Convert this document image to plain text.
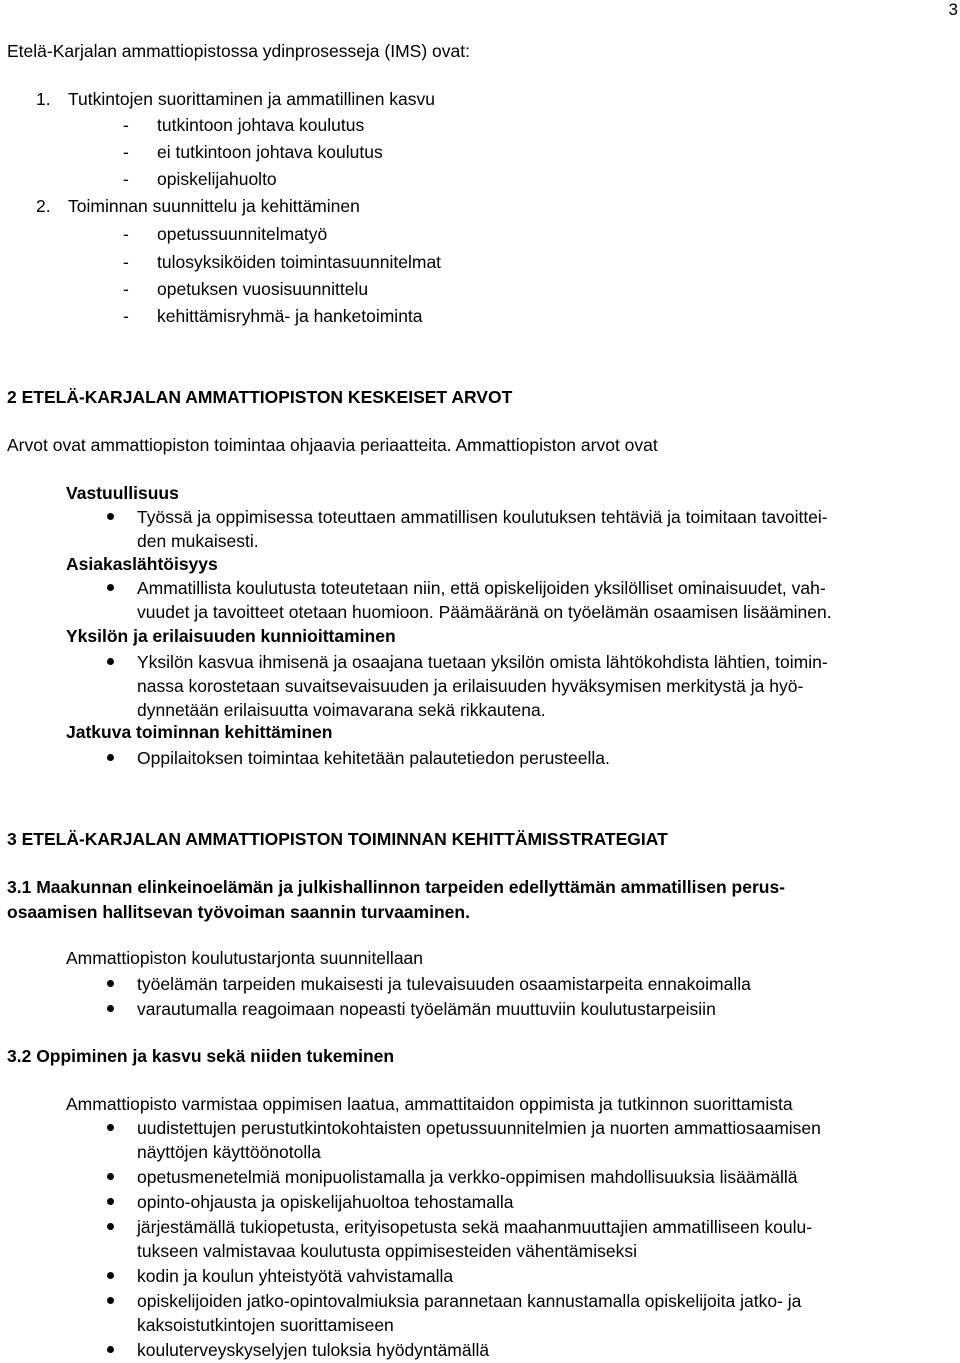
3
Etelä-Karjalan ammattiopistossa ydinprosesseja (IMS) ovat:
1. Tutkintojen suorittaminen ja ammatillinen kasvu
- tutkintoon johtava koulutus
- ei tutkintoon johtava koulutus
- opiskelijahuolto
2. Toiminnan suunnittelu ja kehittäminen
- opetussuunnitelmatyö
- tulosyksiköiden toimintasuunnitelmat
- opetuksen vuosisuunnittelu
- kehittämisryhmä- ja hanketoiminta
2 ETELÄ-KARJALAN AMMATTIOPISTON KESKEISET ARVOT
Arvot ovat ammattiopiston toimintaa ohjaavia periaatteita. Ammattiopiston arvot ovat
Vastuullisuus
Työssä ja oppimisessa toteuttaen ammatillisen koulutuksen tehtäviä ja toimitaan tavoittei-
den mukaisesti.
Asiakaslähtöisyys
Ammatillista koulutusta toteutetaan niin, että opiskelijoiden yksilölliset ominaisuudet, vah-
vuudet ja tavoitteet otetaan huomioon. Päämääränä on työelämän osaamisen lisääminen.
Yksilön ja erilaisuuden kunnioittaminen
Yksilön kasvua ihmisenä ja osaajana tuetaan yksilön omista lähtökohdista lähtien, toimin-
nassa korostetaan suvaitsevaisuuden ja erilaisuuden hyväksymisen merkitystä ja hyö-
dynnetään erilaisuutta voimavarana sekä rikkautena.
Jatkuva toiminnan kehittäminen
Oppilaitoksen toimintaa kehitetään palautetiedon perusteella.
3 ETELÄ-KARJALAN AMMATTIOPISTON TOIMINNAN KEHITTÄMISSTRATEGIAT
3.1 Maakunnan elinkeinoelämän ja julkishallinnon tarpeiden edellyttämän ammatillisen perus-
osaamisen hallitsevan työvoiman saannin turvaaminen.
Ammattiopiston koulutustarjonta suunnitellaan
työelämän tarpeiden mukaisesti ja tulevaisuuden osaamistarpeita ennakoimalla
varautumalla reagoimaan nopeasti työelämän muuttuviin koulutustarpeisiin
3.2 Oppiminen ja kasvu sekä niiden tukeminen
Ammattiopisto varmistaa oppimisen laatua, ammattitaidon oppimista ja tutkinnon suorittamista
uudistettujen perustutkintokohtaisten opetussuunnitelmien ja nuorten ammattiosaamisen
näyttöjen käyttöönotolla
opetusmenetelmiä monipuolistamalla ja verkko-oppimisen mahdollisuuksia lisäämällä
opinto-ohjausta ja opiskelijahuoltoa tehostamalla
järjestämällä tukiopetusta, erityisopetusta sekä maahanmuuttajien ammatilliseen koulu-
tukseen valmistavaa koulutusta oppimisesteiden vähentämiseksi
kodin ja koulun yhteistyötä vahvistamalla
opiskelijoiden jatko-opintovalmiuksia parannetaan kannustamalla opiskelijoita jatko- ja
kaksoistutkintojen suorittamiseen
kouluterveyskyselyjen tuloksia hyödyntämällä
